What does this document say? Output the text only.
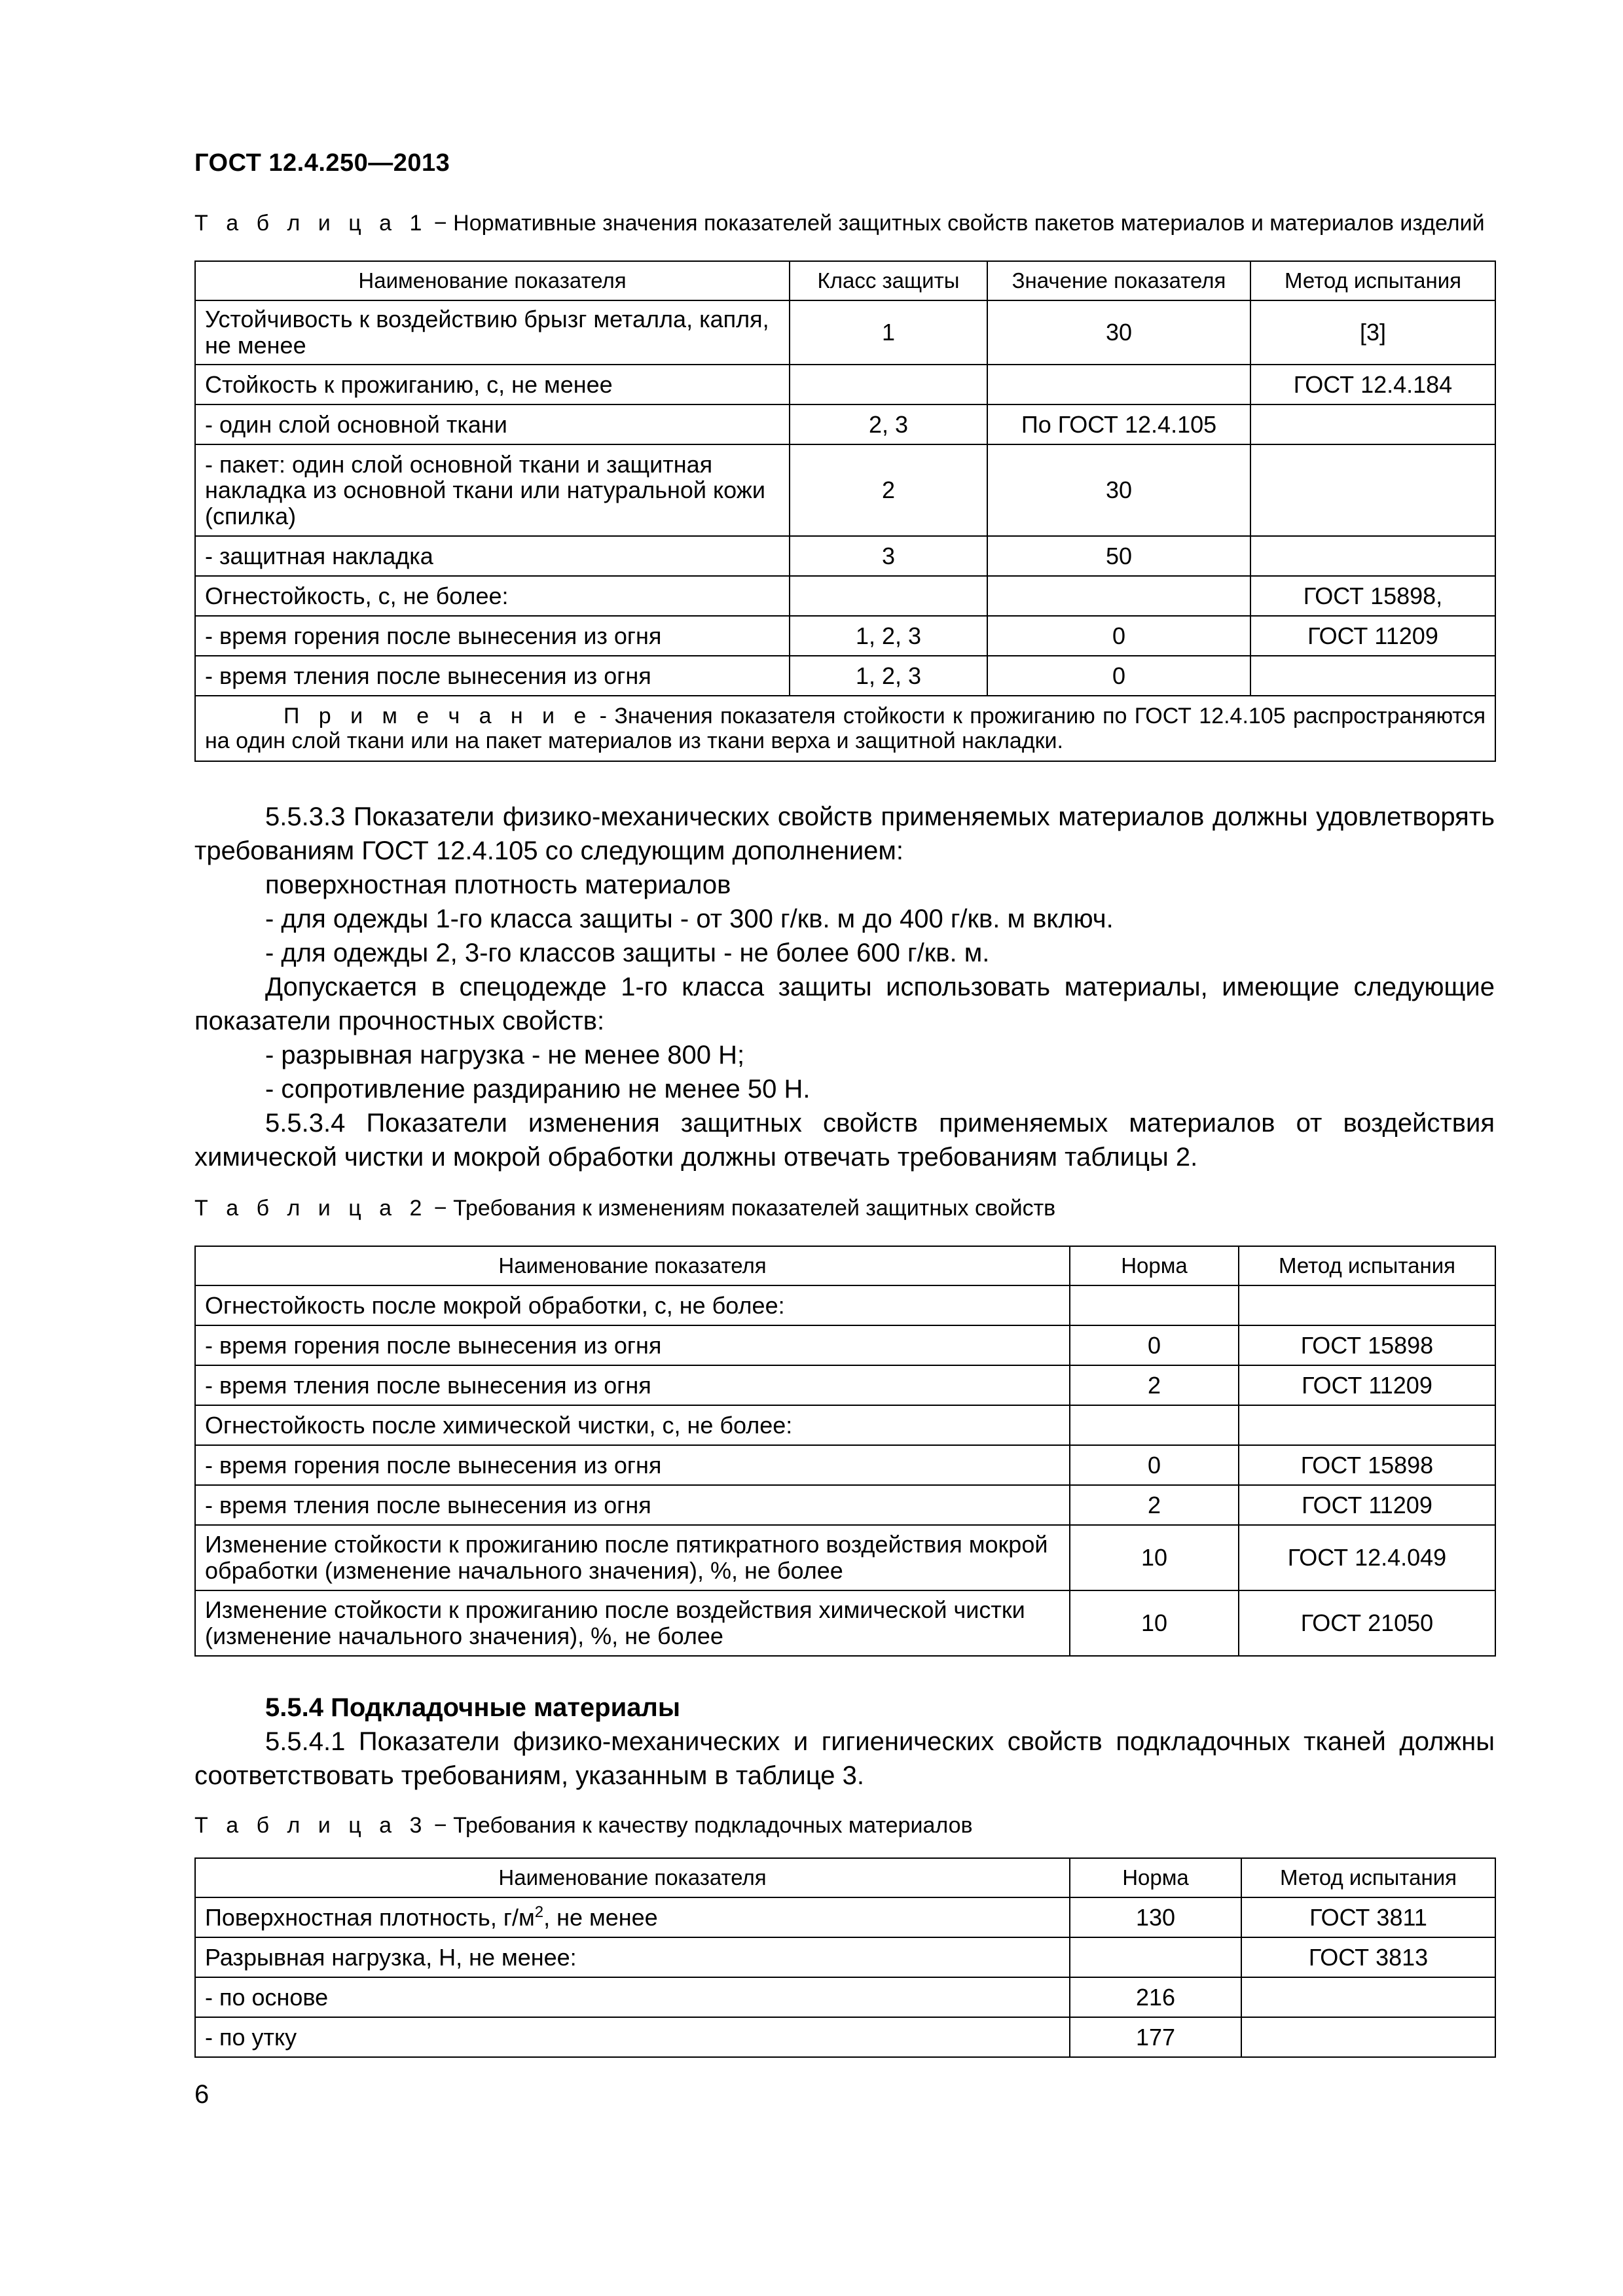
ГОСТ 12.4.250—2013
Т а б л и ц а 1 − Нормативные значения показателей защитных свойств пакетов материалов и материалов изделий
Наименование показателя	Класс защиты	Значение показателя	Метод испытания
Устойчивость к воздействию брызг металла, капля, не менее	1	30	[3]
Стойкость к прожиганию, с, не менее			ГОСТ 12.4.184
- один слой основной ткани	2, 3	По ГОСТ 12.4.105	
- пакет: один слой основной ткани и защитная накладка из основной ткани или натуральной кожи (спилка)	2	30	
- защитная накладка	3	50	
Огнестойкость, с, не более:			ГОСТ 15898,
- время горения после вынесения из огня	1, 2, 3	0	ГОСТ 11209
- время тления после вынесения из огня	1, 2, 3	0	
П р и м е ч а н и е - Значения показателя стойкости к прожиганию по ГОСТ 12.4.105 распространяются на один слой ткани или на пакет материалов из ткани верха и защитной накладки.			

5.5.3.3 Показатели физико-механических свойств применяемых материалов должны удовлетворять требованиям ГОСТ 12.4.105 со следующим дополнением:

поверхностная плотность материалов

- для одежды 1-го класса защиты - от 300 г/кв. м до 400 г/кв. м включ.

- для одежды 2, 3-го классов защиты - не более 600 г/кв. м.

Допускается в спецодежде 1-го класса защиты использовать материалы, имеющие следующие показатели прочностных свойств:

- разрывная нагрузка - не менее 800 Н;

- сопротивление раздиранию не менее 50 Н.

5.5.3.4 Показатели изменения защитных свойств применяемых материалов от воздействия химической чистки и мокрой обработки должны отвечать требованиям таблицы 2.

Т а б л и ц а 2 − Требования к изменениям показателей защитных свойств
Наименование показателя	Норма	Метод испытания
Огнестойкость после мокрой обработки, с, не более:		
- время горения после вынесения из огня	0	ГОСТ 15898
- время тления после вынесения из огня	2	ГОСТ 11209
Огнестойкость после химической чистки, с, не более:		
- время горения после вынесения из огня	0	ГОСТ 15898
- время тления после вынесения из огня	2	ГОСТ 11209
Изменение стойкости к прожиганию после пятикратного воздействия мокрой обработки (изменение начального значения), %, не более	10	ГОСТ 12.4.049
Изменение стойкости к прожиганию после воздействия химической чистки (изменение начального значения), %, не более	10	ГОСТ 21050

5.5.4 Подкладочные материалы

5.5.4.1 Показатели физико-механических и гигиенических свойств подкладочных тканей должны соответствовать требованиям, указанным в таблице 3.

Т а б л и ц а 3 − Требования к качеству подкладочных материалов
Наименование показателя	Норма	Метод испытания
Поверхностная плотность, $г/м^2$, не менее	130	ГОСТ 3811
Разрывная нагрузка, Н, не менее:		ГОСТ 3813
- по основе	216	
- по утку	177	
6
